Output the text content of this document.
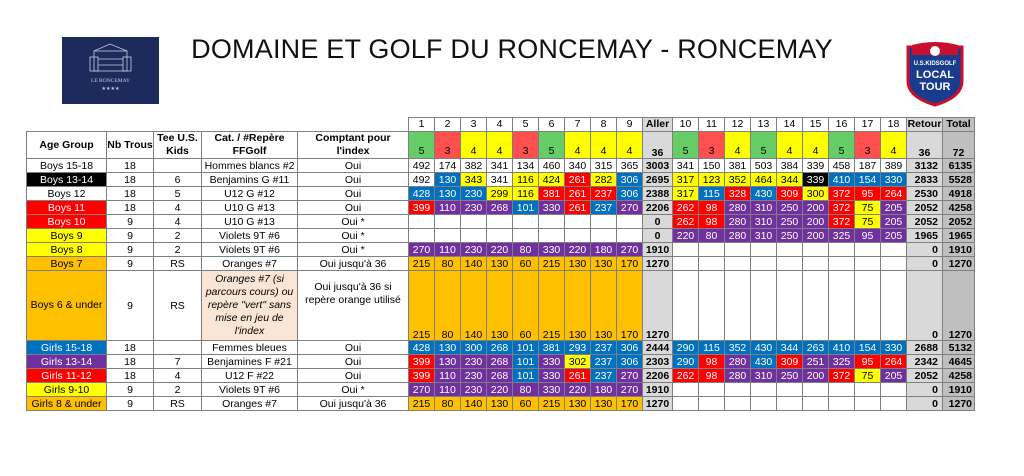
DOMAINE ET GOLF DU RONCEMAY - RONCEMAY
LE RONCEMAY
★★★★
U.S.KIDSGOLF
LOCAL
TOUR
					1	2	3	4	5	6	7	8	9	Aller	10	11	12	13	14	15	16	17	18	Retour	Total
Age Group	Nb Trous	Tee U.S. Kids	Cat. / #Repère FFGolf	Comptant pour l'index	5	3	4	4	3	5	4	4	4	36	5	3	4	5	4	4	5	3	4	36	72
Boys 15-18	18		Hommes blancs #2	Oui	492	174	382	341	134	460	340	315	365	3003	341	150	381	503	384	339	458	187	389	3132	6135
Boys 13-14	18	6	Benjamins G #11	Oui	492	130	343	341	116	424	261	282	306	2695	317	123	352	464	344	339	410	154	330	2833	5528
Boys 12	18	5	U12 G #12	Oui	428	130	230	299	116	381	261	237	306	2388	317	115	328	430	309	300	372	95	264	2530	4918
Boys 11	18	4	U10 G #13	Oui	399	110	230	268	101	330	261	237	270	2206	262	98	280	310	250	200	372	75	205	2052	4258
Boys 10	9	4	U10 G #13	Oui *										0	262	98	280	310	250	200	372	75	205	2052	2052
Boys 9	9	2	Violets 9T #6	Oui *										0	220	80	280	310	250	200	325	95	205	1965	1965
Boys 8	9	2	Violets 9T #6	Oui *	270	110	230	220	80	330	220	180	270	1910										0	1910
Boys 7	9	RS	Oranges #7	Oui jusqu'à 36	215	80	140	130	60	215	130	130	170	1270										0	1270
Boys 6 & under	9	RS	Oranges #7 (si parcours cours) ou repère "vert" sans mise en jeu de l'index	Oui jusqu'à 36 si repère orange utilisé	215	80	140	130	60	215	130	130	170	1270										0	1270
Girls 15-18	18		Femmes bleues	Oui	428	130	300	268	101	381	293	237	306	2444	290	115	352	430	344	263	410	154	330	2688	5132
Girls 13-14	18	7	Benjamines F #21	Oui	399	130	230	268	101	330	302	237	306	2303	290	98	280	430	309	251	325	95	264	2342	4645
Girls 11-12	18	4	U12 F #22	Oui	399	110	230	268	101	330	261	237	270	2206	262	98	280	310	250	200	372	75	205	2052	4258
Girls 9-10	9	2	Violets 9T #6	Oui *	270	110	230	220	80	330	220	180	270	1910										0	1910
Girls 8 & under	9	RS	Oranges #7	Oui jusqu'à 36	215	80	140	130	60	215	130	130	170	1270										0	1270
